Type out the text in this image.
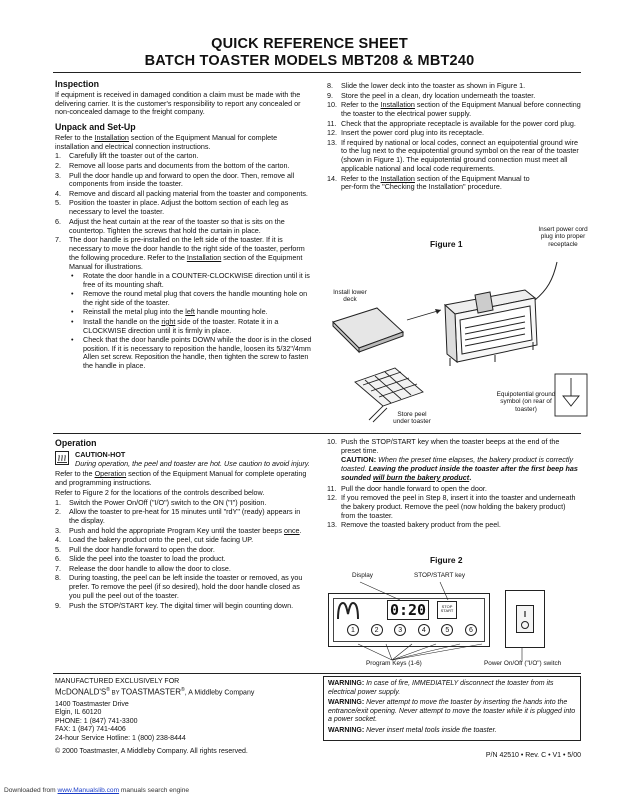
QUICK REFERENCE SHEET
BATCH TOASTER MODELS MBT208 & MBT240
Inspection

If equipment is received in damaged condition a claim must be made with the delivering carrier. It is the customer's responsibility to report any concealed or non-concealed damage to the freight company.

Unpack and Set-Up

Refer to the Installation section of the Equipment Manual for complete installation and electrical connection instructions.

1.	Carefully lift the toaster out of the carton.
2.	Remove all loose parts and documents from the bottom of the carton.
3.	Pull the door handle up and forward to open the door. Then, remove all components from inside the toaster.
4.	Remove and discard all packing material from the toaster and components.
5.	Position the toaster in place. Adjust the bottom section of each leg as necessary to level the toaster.
6.	Adjust the heat curtain at the rear of the toaster so that is sits on the countertop. Tighten the screws that hold the curtain in place.
7.	The door handle is pre-installed on the left side of the toaster. If it is necessary to move the door handle to the right side of the toaster, perform the following procedure. Refer to the Installation section of the Equipment Manual for illustrations.
•	Rotate the door handle in a COUNTER-CLOCKWISE direction until it is free of its mounting shaft.
•	Remove the round metal plug that covers the handle mounting hole on the right side of the toaster.
•	Reinstall the metal plug into the left handle mounting hole.
•	Install the handle on the right side of the toaster. Rotate it in a CLOCKWISE direction until it is firmly in place.
•	Check that the door handle points DOWN while the door is in the closed position. If it is necessary to reposition the handle, loosen its 5/32"/4mm Allen set screw. Reposition the handle, then tighten the screw to fasten the handle in place.
8.	Slide the lower deck into the toaster as shown in Figure 1.
9.	Store the peel in a clean, dry location underneath the toaster.
10. Refer to the Installation section of the Equipment Manual before connecting the toaster to the electrical power supply.
11. Check that the appropriate receptacle is available for the power cord plug.
12. Insert the power cord plug into its receptacle.
13. If required by national or local codes, connect an equipotential ground wire to the lug next to the equipotential ground symbol on the rear of the toaster (shown in Figure 1). The equipotential ground connection must meet all applicable national and local code requirements.
14. Refer to the Installation section of the Equipment Manual to per-form the "Checking the Installation" procedure.
Figure 1
Insert power cord plug into proper receptacle
Install lower deck
Store peel under toaster
Equipotential ground symbol (on rear of toaster)
Operation
CAUTION-HOT
During operation, the peel and toaster are hot. Use caution to avoid injury.

Refer to the Operation section of the Equipment Manual for complete operating and programming instructions.

Refer to Figure 2 for the locations of the controls described below.

1.	Switch the Power On/Off ("I/O") switch to the ON ("I") position.
2.	Allow the toaster to pre-heat for 15 minutes until "rdY" (ready) appears in the display.
3.	Push and hold the appropriate Program Key until the toaster beeps once.
4.	Load the bakery product onto the peel, cut side facing UP.
5.	Pull the door handle forward to open the door.
6.	Slide the peel into the toaster to load the product.
7.	Release the door handle to allow the door to close.
8.	During toasting, the peel can be left inside the toaster or removed, as you prefer. To remove the peel (if so desired), hold the door handle closed as you pull the peel out of the toaster.
9.	Push the STOP/START key. The digital timer will begin counting down.
10. Push the STOP/START key when the toaster beeps at the end of the preset time.
CAUTION: When the preset time elapses, the bakery product is correctly toasted. Leaving the product inside the toaster after the first beep has sounded will burn the bakery product.
11. Pull the door handle forward to open the door.
12. If you removed the peel in Step 8, insert it into the toaster and underneath the bakery product. Remove the peel (now holding the bakery product) from the toaster.
13. Remove the toasted bakery product from the peel.
Figure 2
Display	STOP/START key
Program Keys (1-6)	Power On/Off ("I/O") switch
0:20	STOP START
1	2	3	4	5	6

MANUFACTURED EXCLUSIVELY FOR

MCDONALD'S® BY TOASTMASTER®, A Middleby Company

1400 Toastmaster Drive

Elgin, IL 60120

PHONE: 1 (847) 741-3300

FAX: 1 (847) 741-4406

24-hour Service Hotline: 1 (800) 238-8444

© 2000 Toastmaster, A Middleby Company. All rights reserved.

WARNING: In case of fire, IMMEDIATELY disconnect the toaster from its electrical power supply.

WARNING: Never attempt to move the toaster by inserting the hands into the entrance/exit opening. Never attempt to move the toaster while it is plugged into a power socket.

WARNING: Never insert metal tools inside the toaster.

P/N 42510 • Rev. C • V1 • 5/00
Downloaded from www.Manualslib.com manuals search engine
